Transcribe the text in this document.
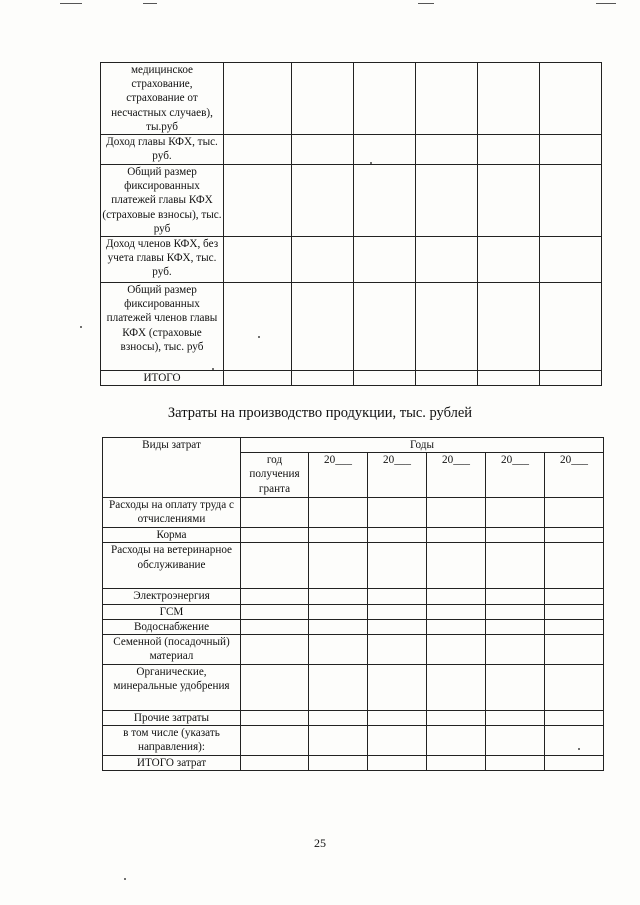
медицинское страхование, страхование от несчастных случаев), ты.руб						
Доход главы КФХ, тыс. руб.						
Общий размер фиксированных платежей главы КФХ (страховые взносы), тыс. руб						
Доход членов КФХ, без учета главы КФХ, тыс. руб.						
Общий размер фиксированных платежей членов главы КФХ (страховые взносы), тыс. руб						
ИТОГО						
Затраты на производство продукции, тыс. рублей
Виды затрат	Годы					
	год получения гранта	20___	20___	20___	20___	20___
Расходы на оплату труда с отчислениями						
Корма						
Расходы на ветеринарное обслуживание						
Электроэнергия						
ГСМ						
Водоснабжение						
Семенной (посадочный) материал						
Органические, минеральные удобрения						
Прочие затраты						
в том числе (указать направления):						
ИТОГО затрат						
25
